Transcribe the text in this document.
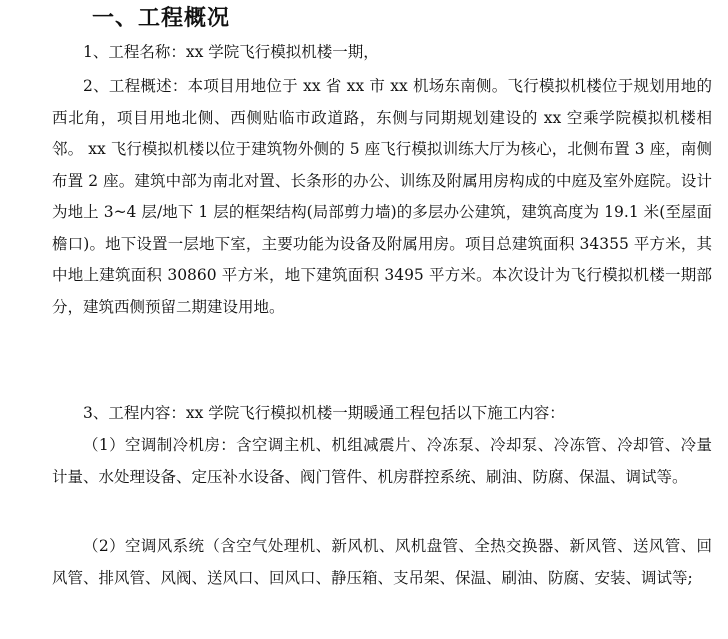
一、工程概况
1、工程名称：xx 学院飞行模拟机楼一期，
2、工程概述：本项目用地位于 xx 省 xx 市 xx 机场东南侧。飞行模拟机楼位于规划用地的西北角，项目用地北侧、西侧贴临市政道路，东侧与同期规划建设的 xx 空乘学院模拟机楼相邻。 xx 飞行模拟机楼以位于建筑物外侧的 5 座飞行模拟训练大厅为核心，北侧布置 3 座，南侧布置 2 座。建筑中部为南北对置、长条形的办公、训练及附属用房构成的中庭及室外庭院。设计为地上 3~4 层/地下 1 层的框架结构(局部剪力墙)的多层办公建筑，建筑高度为 19.1 米(至屋面檐口)。地下设置一层地下室，主要功能为设备及附属用房。项目总建筑面积 34355 平方米，其中地上建筑面积 30860 平方米，地下建筑面积 3495 平方米。本次设计为飞行模拟机楼一期部分，建筑西侧预留二期建设用地。
3、工程内容：xx 学院飞行模拟机楼一期暖通工程包括以下施工内容：
（1）空调制冷机房：含空调主机、机组减震片、冷冻泵、冷却泵、冷冻管、冷却管、冷量计量、水处理设备、定压补水设备、阀门管件、机房群控系统、刷油、防腐、保温、调试等。
（2）空调风系统（含空气处理机、新风机、风机盘管、全热交换器、新风管、送风管、回风管、排风管、风阀、送风口、回风口、静压箱、支吊架、保温、刷油、防腐、安装、调试等;
